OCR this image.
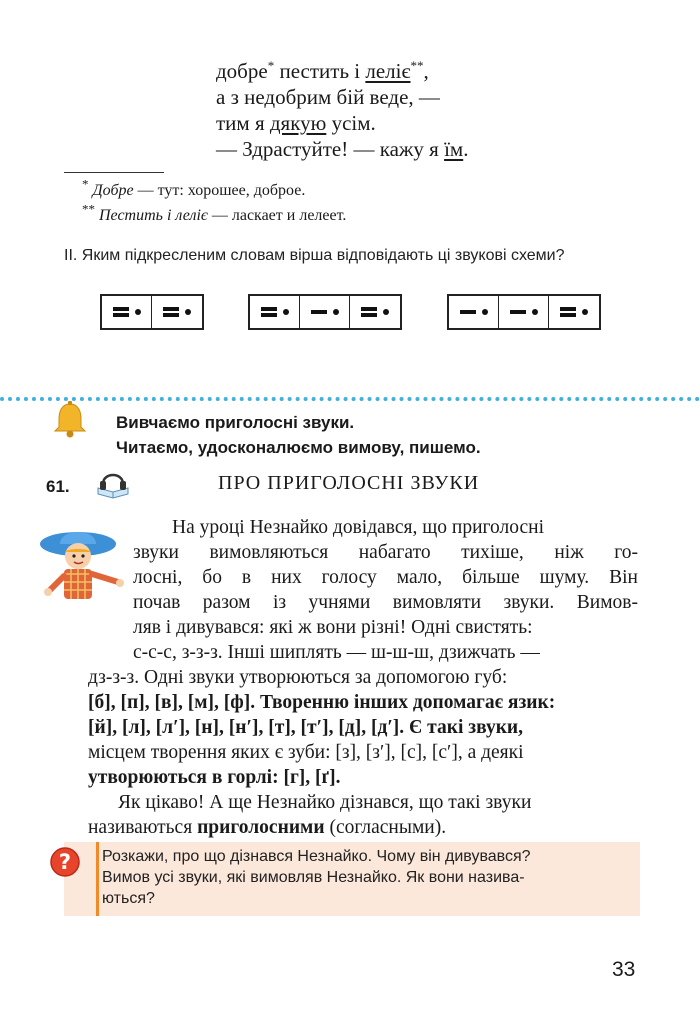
добре* пестить і леліє**,
а з недобрим бій веде, —
тим я дякую усім.
— Здрастуйте! — кажу я їм.
* Добре — тут: хорошее, доброе.
** Пестить і леліє — ласкает и лелеет.
ІІ. Яким підкресленим словам вірша відповідають ці звукові схеми?
Вивчаємо приголосні звуки.
Читаємо, удосконалюємо вимову, пишемо.
61.	ПРО ПРИГОЛОСНІ ЗВУКИ
На уроці Незнайко довідався, що приголосні
звуки вимовляються набагато тихіше, ніж го-
лосні, бо в них голосу мало, більше шуму. Він
почав разом із учнями вимовляти звуки. Вимов-
ляв і дивувався: які ж вони різні! Одні свистять:
с-с-с, з-з-з. Інші шиплять — ш-ш-ш, дзижчать —
дз-з-з. Одні звуки утворюються за допомогою губ:
[б], [п], [в], [м], [ф]. Творенню інших допомагає язик:
[й], [л], [л′], [н], [н′], [т], [т′], [д], [д′]. Є такі звуки,
місцем творення яких є зуби: [з], [з′], [с], [с′], а деякі
утворюються в горлі: [г], [ґ].
Як цікаво! А ще Незнайко дізнався, що такі звуки
називаються приголосними (согласными).
? Розкажи, про що дізнався Незнайко. Чому він дивувався?
Вимов усі звуки, які вимовляв Незнайко. Як вони назива-
ються?
33
